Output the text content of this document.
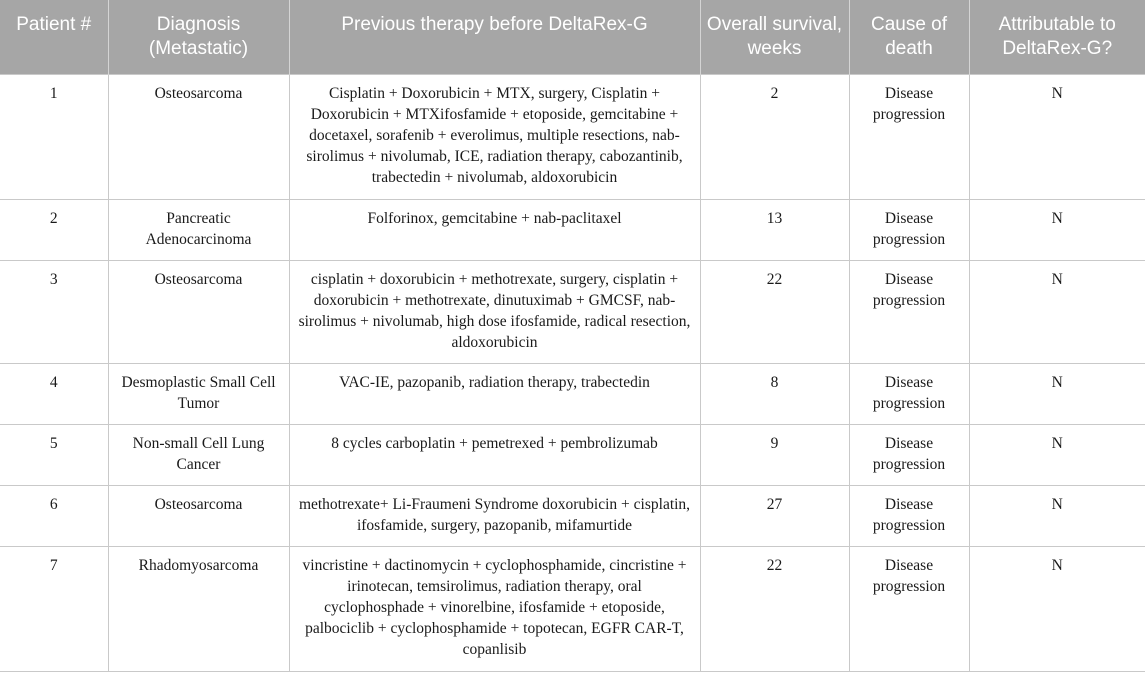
Patient #	Diagnosis (Metastatic)	Previous therapy before DeltaRex-G	Overall survival, weeks	Cause of death	Attributable to DeltaRex-G?
1	Osteosarcoma	Cisplatin + Doxorubicin + MTX, surgery, Cisplatin + Doxorubicin + MTXifosfamide + etoposide, gemcitabine + docetaxel, sorafenib + everolimus, multiple resections, nab-sirolimus + nivolumab, ICE, radiation therapy, cabozantinib, trabectedin + nivolumab, aldoxorubicin	2	Disease progression	N
2	Pancreatic Adenocarcinoma	Folforinox, gemcitabine + nab-paclitaxel	13	Disease progression	N
3	Osteosarcoma	cisplatin + doxorubicin + methotrexate, surgery, cisplatin + doxorubicin + methotrexate, dinutuximab + GMCSF, nab-sirolimus + nivolumab, high dose ifosfamide, radical resection, aldoxorubicin	22	Disease progression	N
4	Desmoplastic Small Cell Tumor	VAC-IE, pazopanib, radiation therapy, trabectedin	8	Disease progression	N
5	Non-small Cell Lung Cancer	8 cycles carboplatin + pemetrexed + pembrolizumab	9	Disease progression	N
6	Osteosarcoma	methotrexate+ Li-Fraumeni Syndrome doxorubicin + cisplatin, ifosfamide, surgery, pazopanib, mifamurtide	27	Disease progression	N
7	Rhadomyosarcoma	vincristine + dactinomycin + cyclophosphamide, cincristine + irinotecan, temsirolimus, radiation therapy, oral cyclophosphade + vinorelbine, ifosfamide + etoposide, palbociclib + cyclophosphamide + topotecan, EGFR CAR-T, copanlisib	22	Disease progression	N
